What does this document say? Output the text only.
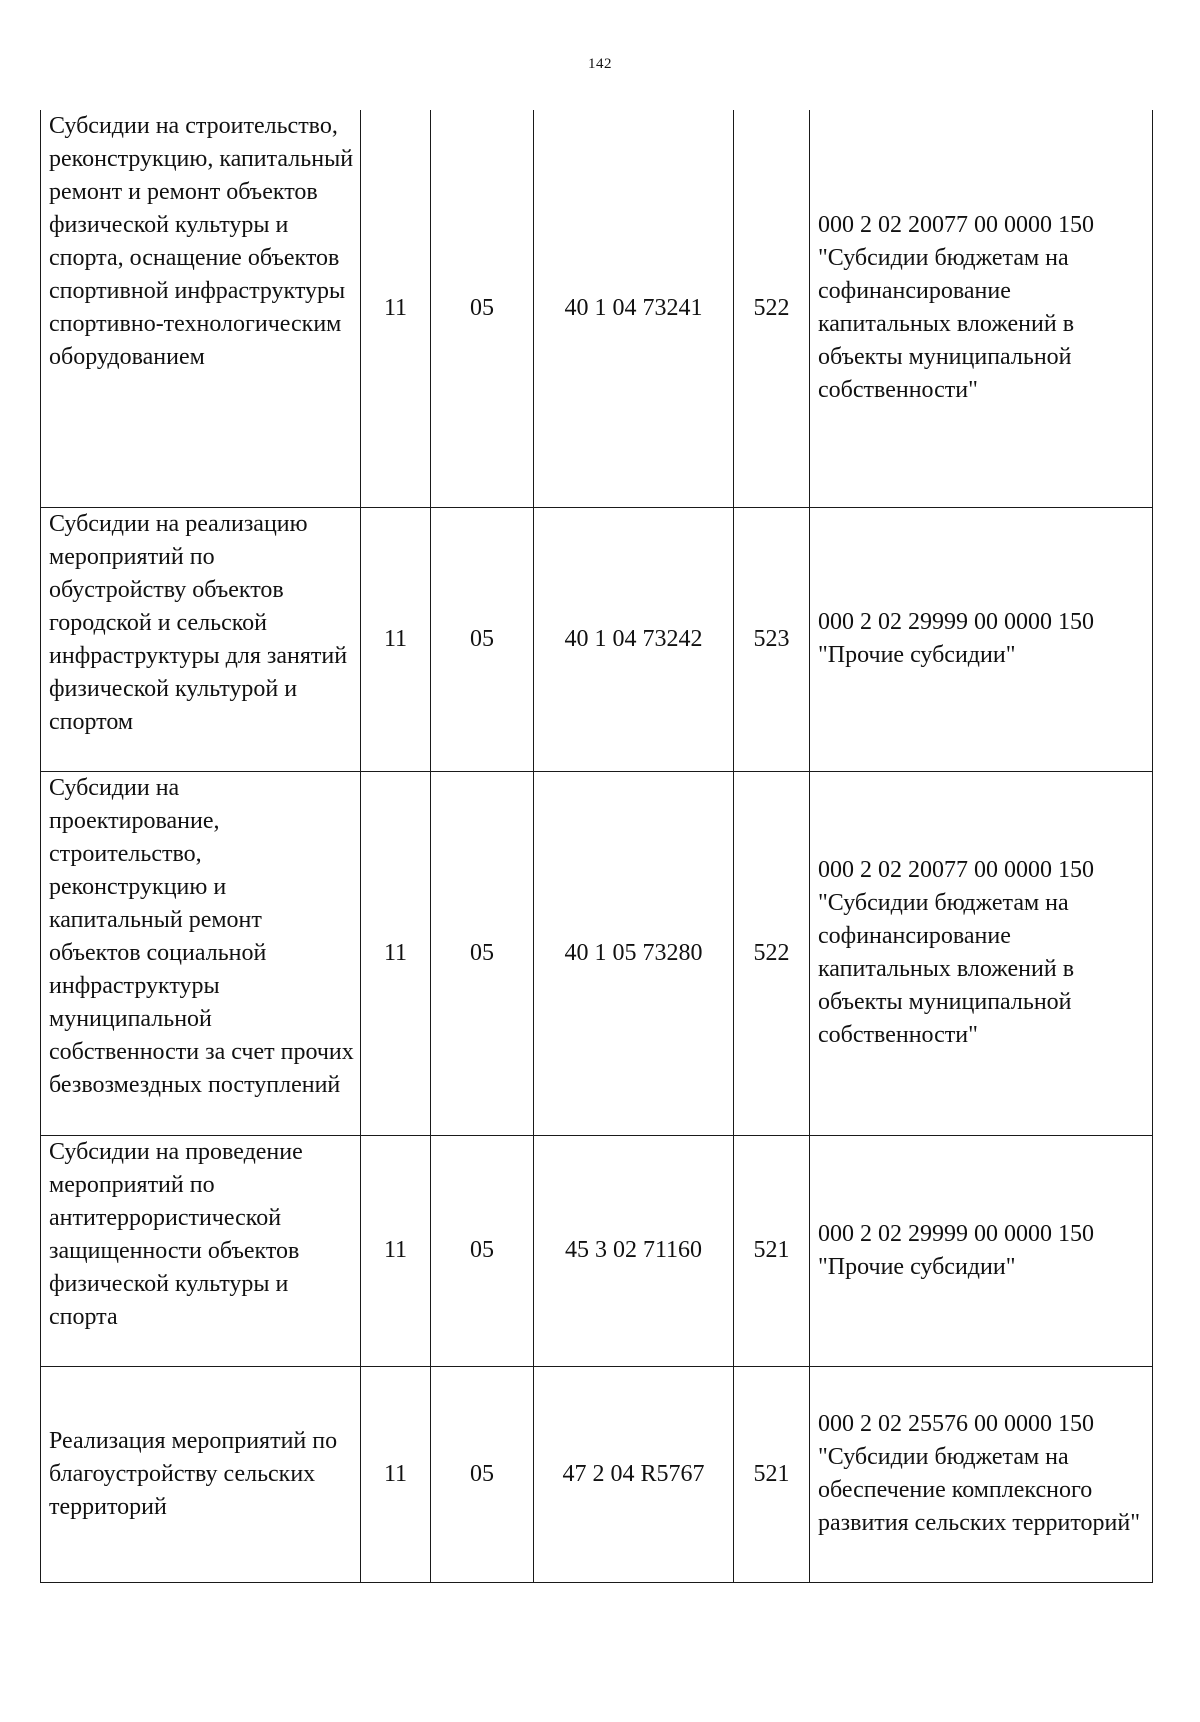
142
Субсидии на строительство, реконструкцию, капитальный ремонт и ремонт объектов физической культуры и спорта, оснащение объектов спортивной инфраструктуры спортивно-технологическим оборудованием	11	05	40 1 04 73241	522	000 2 02 20077 00 0000 150 "Субсидии бюджетам на софинансирование капитальных вложений в объекты муниципальной собственности"

Субсидии на реализацию мероприятий по обустройству объектов городской и сельской инфраструктуры для занятий физической культурой и спортом	11	05	40 1 04 73242	523	000 2 02 29999 00 0000 150 "Прочие субсидии"

Субсидии на проектирование, строительство, реконструкцию и капитальный ремонт объектов социальной инфраструктуры муниципальной собственности за счет прочих безвозмездных поступлений	11	05	40 1 05 73280	522	000 2 02 20077 00 0000 150 "Субсидии бюджетам на софинансирование капитальных вложений в объекты муниципальной собственности"

Субсидии на проведение мероприятий по антитеррористической защищенности объектов физической культуры и спорта	11	05	45 3 02 71160	521	000 2 02 29999 00 0000 150 "Прочие субсидии"

Реализация мероприятий по благоустройству сельских территорий	11	05	47 2 04 R5767	521	000 2 02 25576 00 0000 150 "Субсидии бюджетам на обеспечение комплексного развития сельских территорий"
